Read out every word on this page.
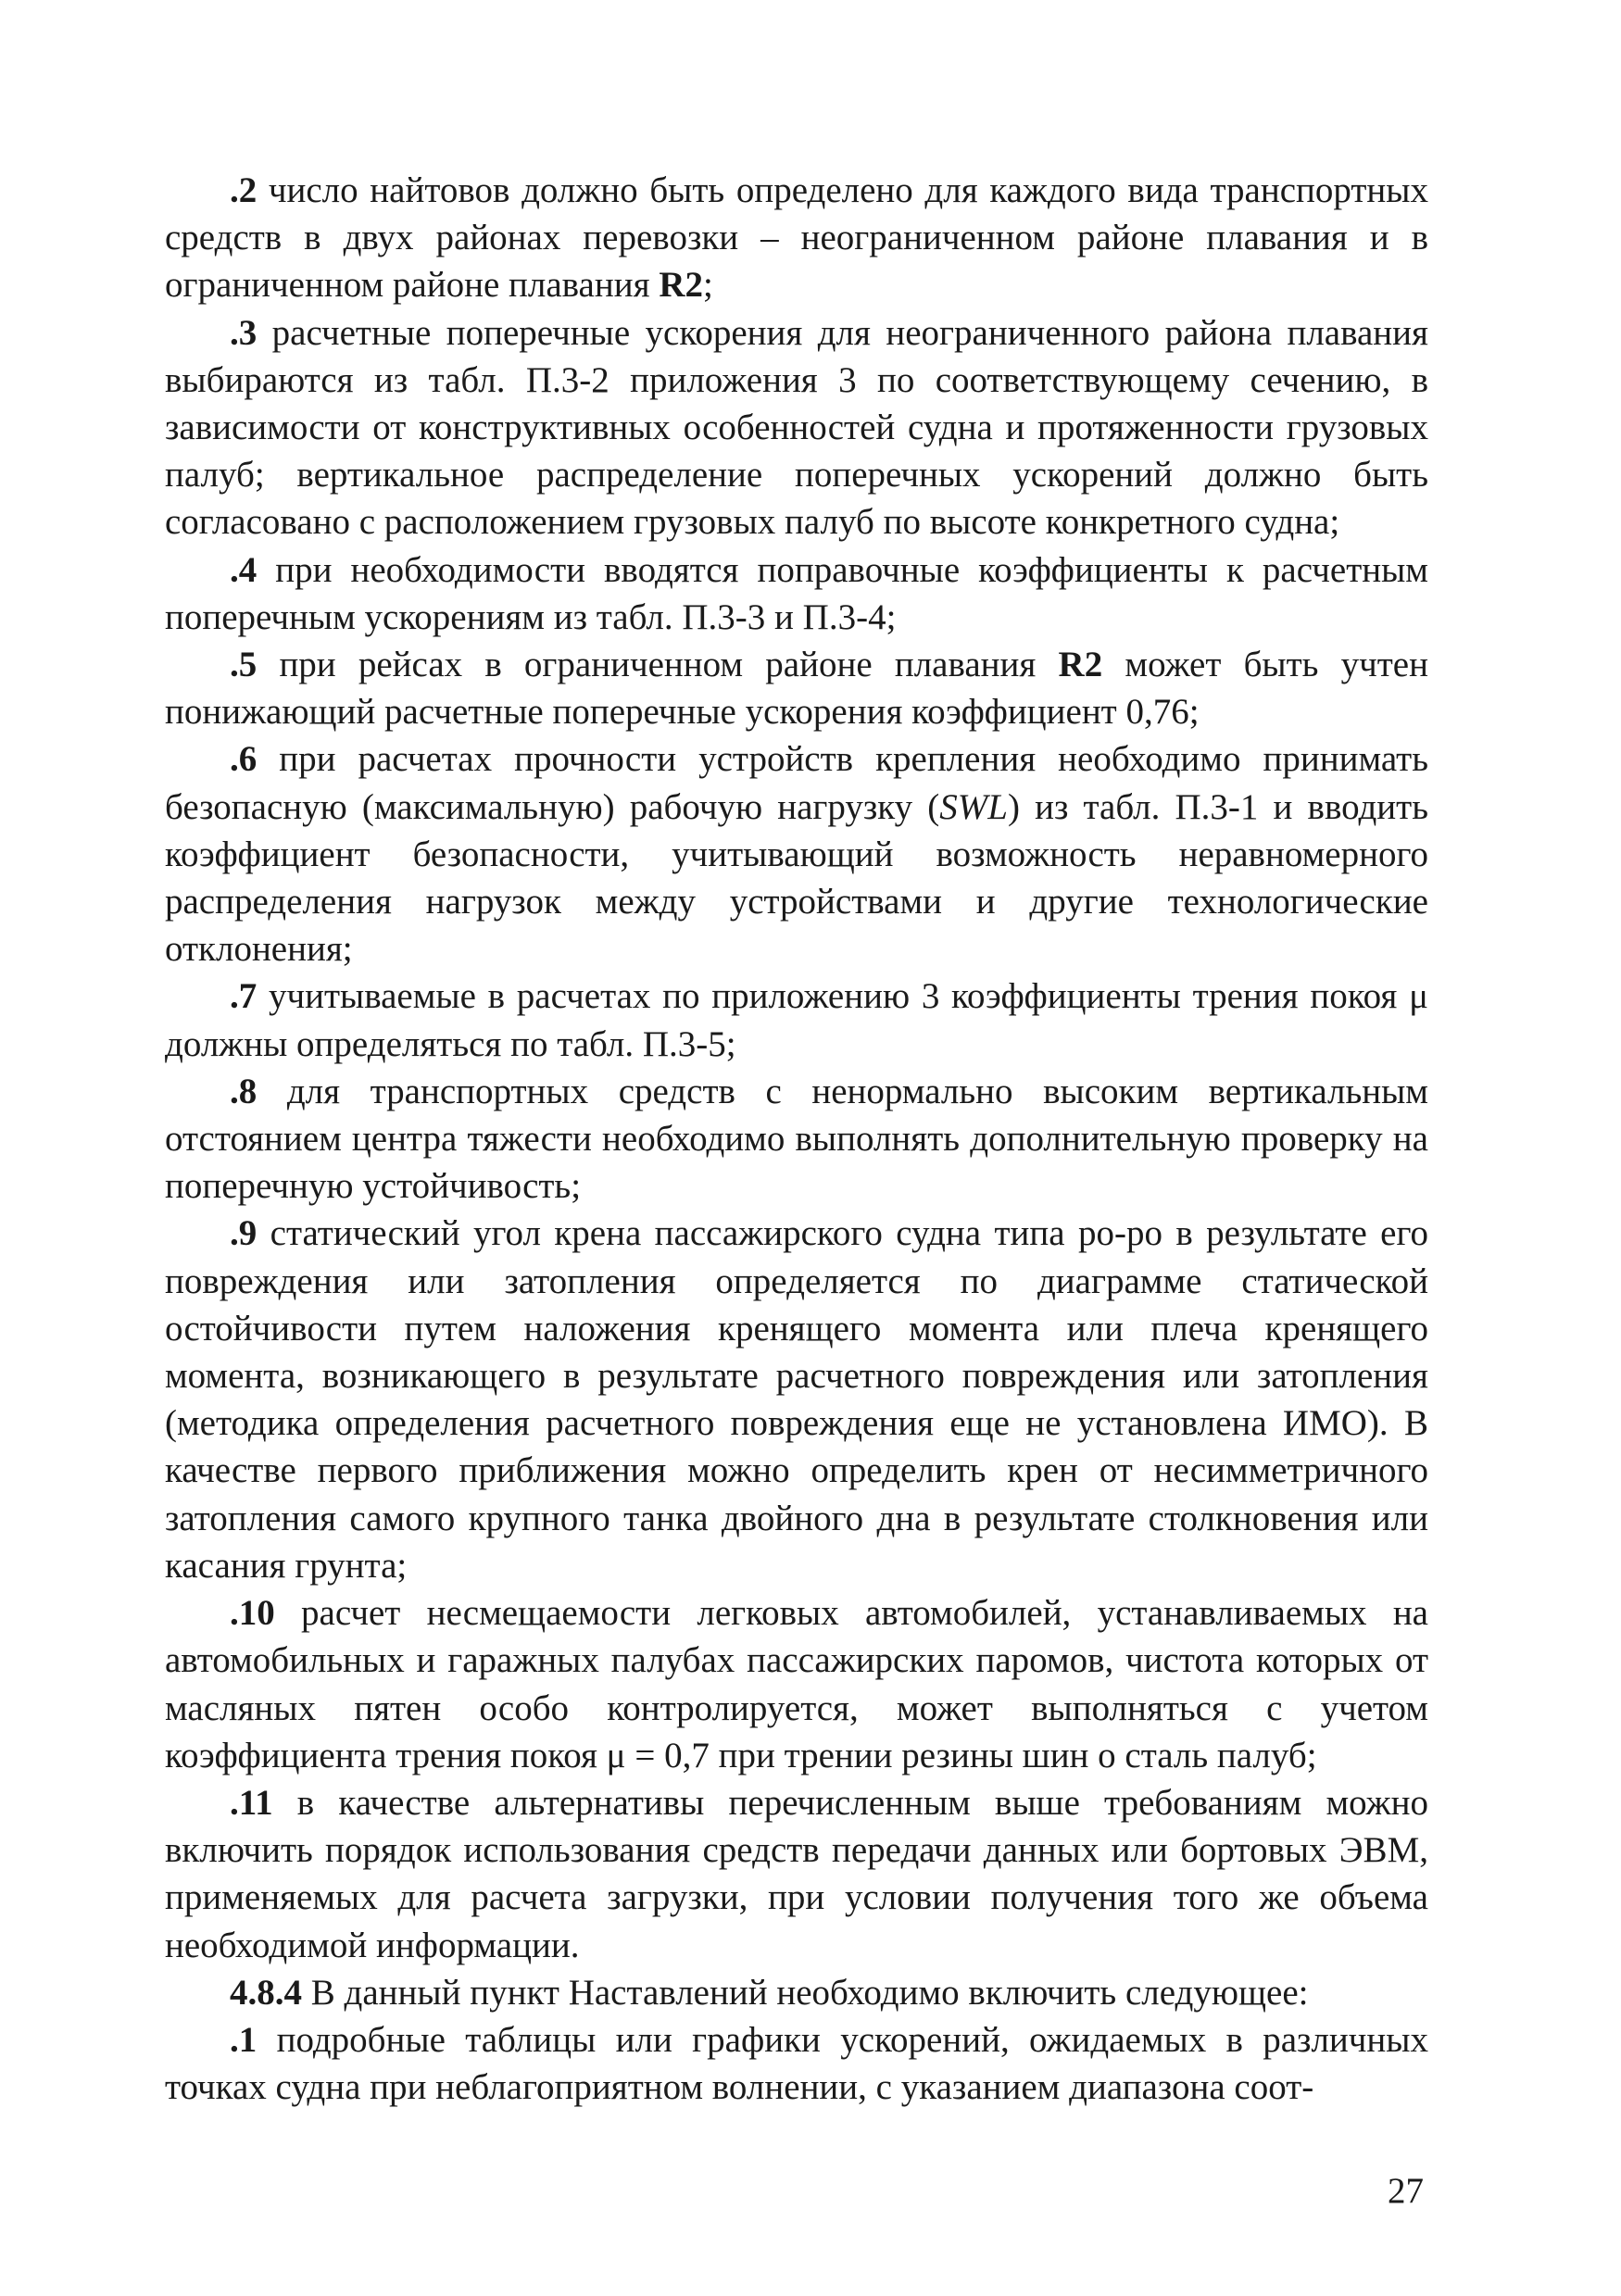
.2 число найтовов должно быть определено для каждого вида транспортных средств в двух районах перевозки – неограниченном районе плавания и в ограниченном районе плавания R2;

.3 расчетные поперечные ускорения для неограниченного района плавания выбираются из табл. П.3-2 приложения 3 по соответствующему сечению, в зависимости от конструктивных особенностей судна и протяженности грузовых палуб; вертикальное распределение поперечных ускорений должно быть согласовано с расположением грузовых палуб по высоте конкретного судна;

.4 при необходимости вводятся поправочные коэффициенты к расчетным поперечным ускорениям из табл. П.3-3 и П.3-4;

.5 при рейсах в ограниченном районе плавания R2 может быть учтен понижающий расчетные поперечные ускорения коэффициент 0,76;

.6 при расчетах прочности устройств крепления необходимо принимать безопасную (максимальную) рабочую нагрузку (SWL) из табл. П.3-1 и вводить коэффициент безопасности, учитывающий возможность неравномерного распределения нагрузок между устройствами и другие технологические отклонения;

.7 учитываемые в расчетах по приложению 3 коэффициенты трения покоя μ должны определяться по табл. П.3-5;

.8 для транспортных средств с ненормально высоким вертикальным отстоянием центра тяжести необходимо выполнять дополнительную проверку на поперечную устойчивость;

.9 статический угол крена пассажирского судна типа ро-ро в результате его повреждения или затопления определяется по диаграмме статической остойчивости путем наложения кренящего момента или плеча кренящего момента, возникающего в результате расчетного повреждения или затопления (методика определения расчетного повреждения еще не установлена ИМО). В качестве первого приближения можно определить крен от несимметричного затопления самого крупного танка двойного дна в результате столкновения или касания грунта;

.10 расчет несмещаемости легковых автомобилей, устанавливаемых на автомобильных и гаражных палубах пассажирских паромов, чистота которых от масляных пятен особо контролируется, может выполняться с учетом коэффициента трения покоя μ = 0,7 при трении резины шин о сталь палуб;

.11 в качестве альтернативы перечисленным выше требованиям можно включить порядок использования средств передачи данных или бортовых ЭВМ, применяемых для расчета загрузки, при условии получения того же объема необходимой информации.

4.8.4 В данный пункт Наставлений необходимо включить следующее:

.1 подробные таблицы или графики ускорений, ожидаемых в различных точках судна при неблагоприятном волнении, с указанием диапазона соот-

27
